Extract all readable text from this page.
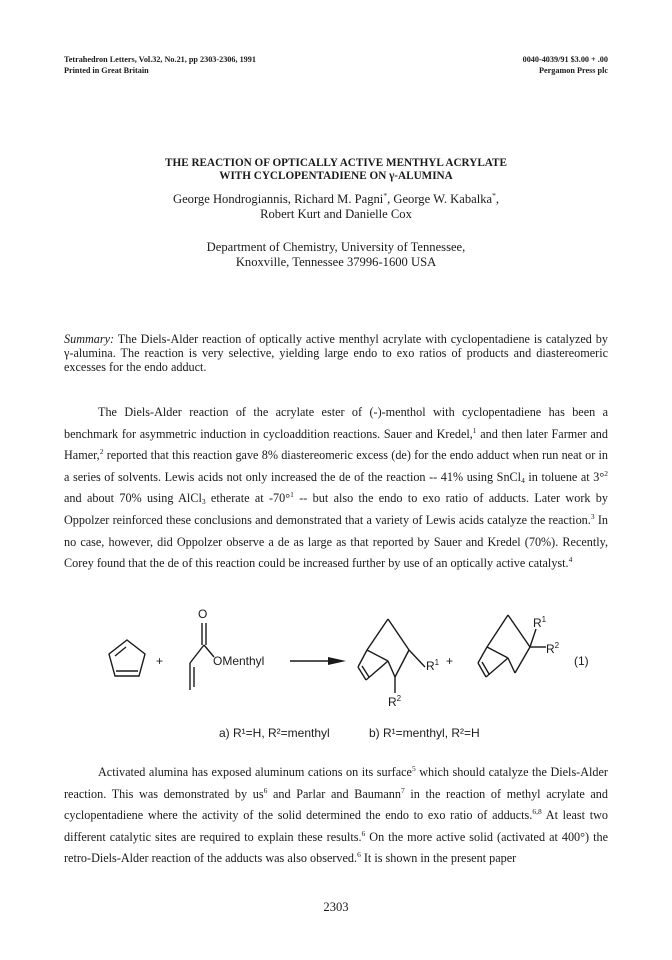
Tetrahedron Letters, Vol.32, No.21, pp 2303-2306, 1991
Printed in Great Britain
0040-4039/91 $3.00 + .00
Pergamon Press plc
THE REACTION OF OPTICALLY ACTIVE MENTHYL ACRYLATE
WITH CYCLOPENTADIENE ON γ-ALUMINA
George Hondrogiannis, Richard M. Pagni*, George W. Kabalka*,
Robert Kurt and Danielle Cox
Department of Chemistry, University of Tennessee,
Knoxville, Tennessee 37996-1600 USA
Summary: The Diels-Alder reaction of optically active menthyl acrylate with cyclopentadiene is catalyzed by γ-alumina. The reaction is very selective, yielding large endo to exo ratios of products and diastereomeric excesses for the endo adduct.
The Diels-Alder reaction of the acrylate ester of (-)-menthol with cyclopentadiene has been a benchmark for asymmetric induction in cycloaddition reactions. Sauer and Kredel,$^1$ and then later Farmer and Hamer,$^2$ reported that this reaction gave 8% diastereomeric excess (de) for the endo adduct when run neat or in a series of solvents. Lewis acids not only increased the de of the reaction -- 41% using SnCl$_4$ in toluene at 3°$^2$ and about 70% using AlCl$_3$ etherate at -70°$^1$ -- but also the endo to exo ratio of adducts. Later work by Oppolzer reinforced these conclusions and demonstrated that a variety of Lewis acids catalyze the reaction.$^3$ In no case, however, did Oppolzer observe a de as large as that reported by Sauer and Kredel (70%). Recently, Corey found that the de of this reaction could be increased further by use of an optically active catalyst.$^4$
+
O
OMenthyl	$R^1$
$R^2$
+
$R^1$
$R^2$
(1)
a) R¹=H, R²=menthyl	b) R¹=menthyl, R²=H
Activated alumina has exposed aluminum cations on its surface$^5$ which should catalyze the Diels-Alder reaction. This was demonstrated by $us^6$ and Parlar and Baumann$^7$ in the reaction of methyl acrylate and cyclopentadiene where the activity of the solid determined the endo to exo ratio of adducts.$^{6,8}$ At least two different catalytic sites are required to explain these results.$^6$ On the more active solid (activated at 400°) the retro-Diels-Alder reaction of the adducts was also observed.$^6$ It is shown in the present paper
2303
